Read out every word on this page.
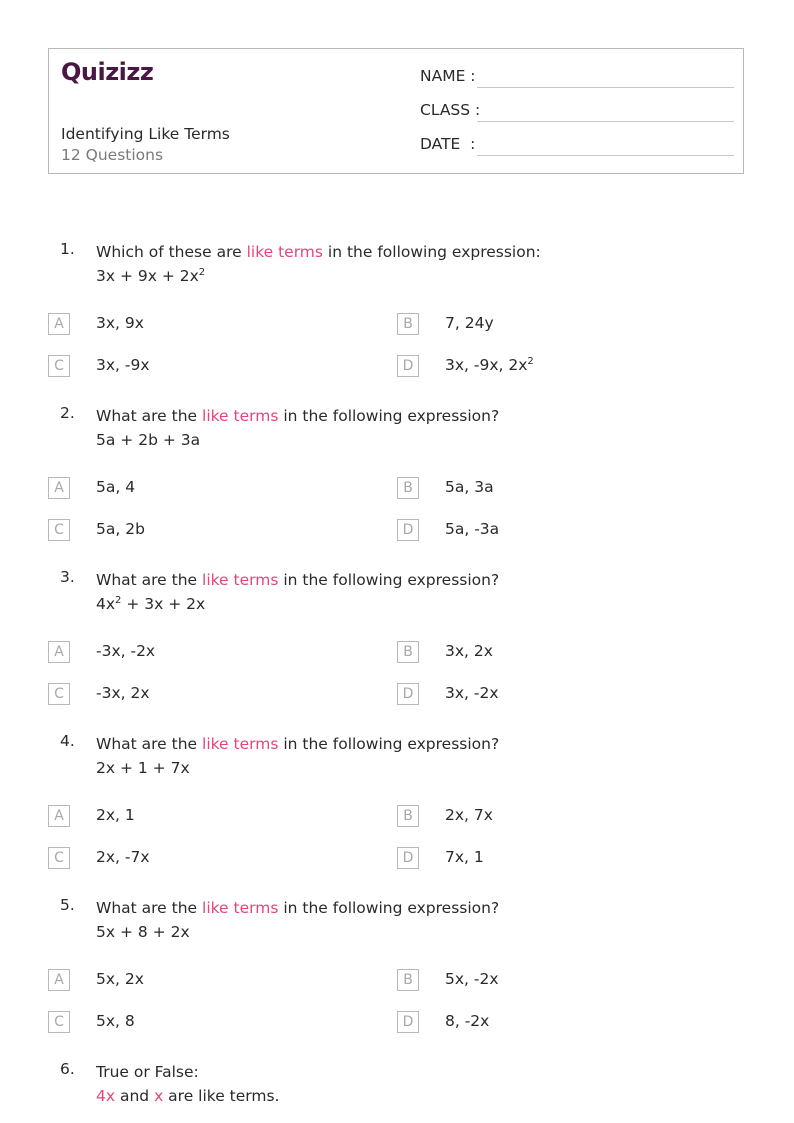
Quizizz
Identifying Like Terms
12 Questions
NAME :
CLASS :
DATE  :
1. Which of these are like terms in the following expression:
$3x + 9x + 2x^2$
A	3x, 9x	B	7, 24y
C	3x, -9x	D	3x, -9x, $2x^2$
2. What are the like terms in the following expression?
5a + 2b + 3a
A	5a, 4	B	5a, 3a
C	5a, 2b	D	5a, -3a
3. What are the like terms in the following expression?
$4x^2 + 3x + 2x$
A	-3x, -2x	B	3x, 2x
C	-3x, 2x	D	3x, -2x
4. What are the like terms in the following expression?
2x + 1 + 7x
A	2x, 1	B	2x, 7x
C	2x, -7x	D	7x, 1
5. What are the like terms in the following expression?
5x + 8 + 2x
A	5x, 2x	B	5x, -2x
C	5x, 8	D	8, -2x
6. True or False:
4x and x are like terms.
